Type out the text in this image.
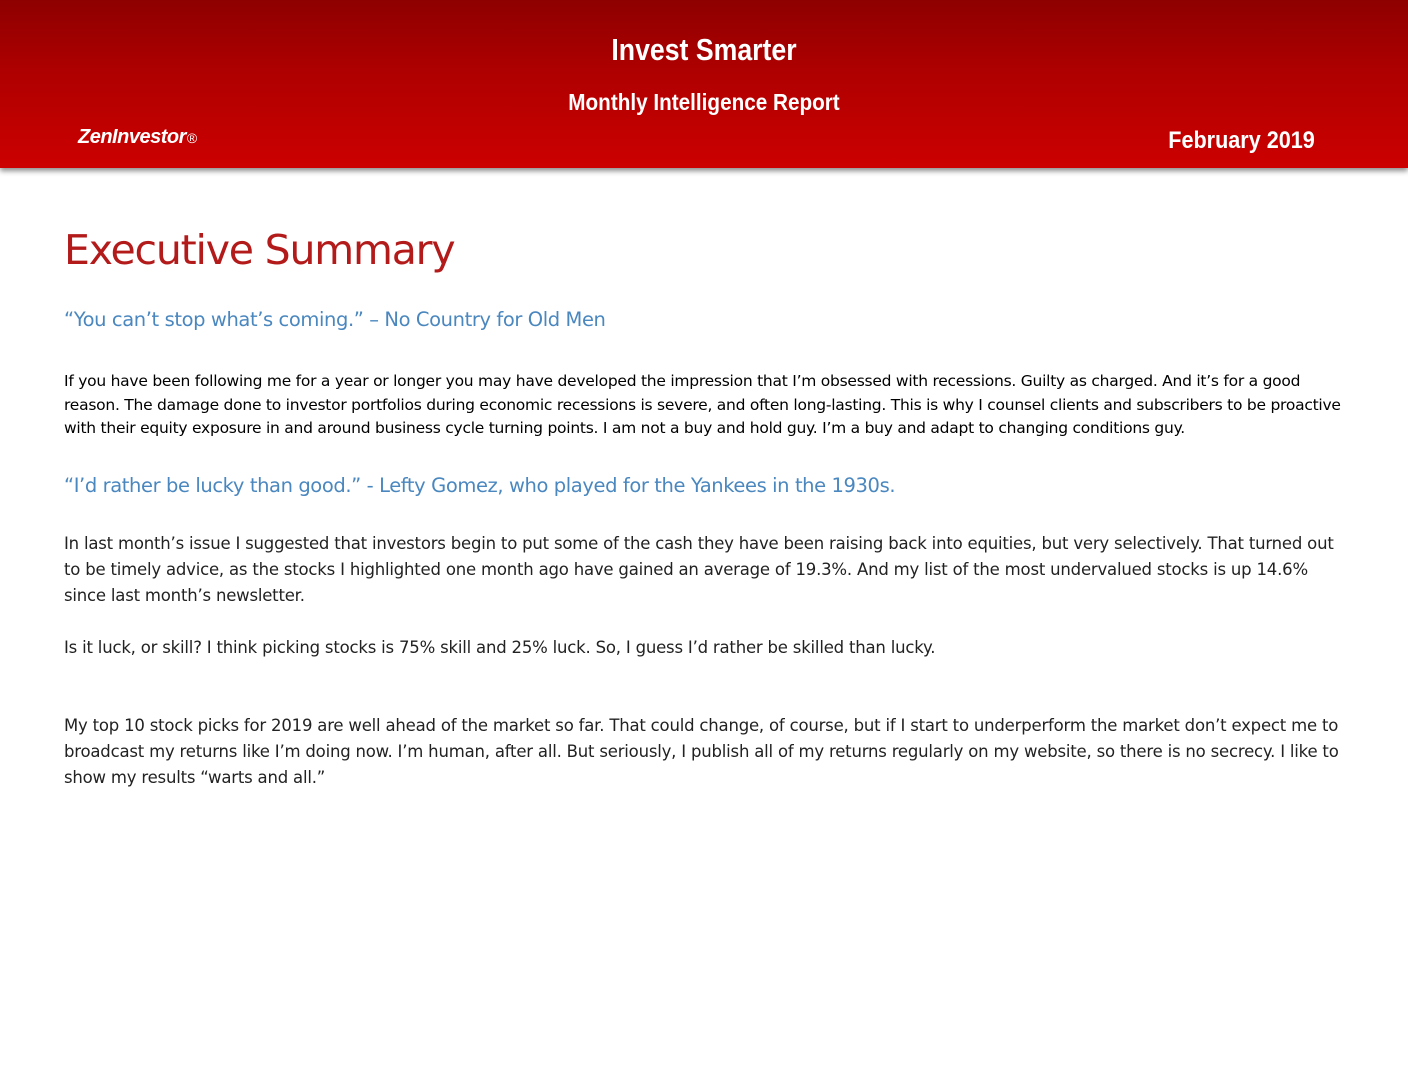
Invest Smarter
Monthly Intelligence Report
ZenInvestor®	February 2019
Executive Summary
“You can’t stop what’s coming.” – No Country for Old Men
If you have been following me for a year or longer you may have developed the impression that I’m obsessed with recessions. Guilty as charged. And it’s for a good reason. The damage done to investor portfolios during economic recessions is severe, and often long-lasting. This is why I counsel clients and subscribers to be proactive with their equity exposure in and around business cycle turning points. I am not a buy and hold guy. I’m a buy and adapt to changing conditions guy.
“I’d rather be lucky than good.” - Lefty Gomez, who played for the Yankees in the 1930s.
In last month’s issue I suggested that investors begin to put some of the cash they have been raising back into equities, but very selectively. That turned out to be timely advice, as the stocks I highlighted one month ago have gained an average of 19.3%. And my list of the most undervalued stocks is up 14.6% since last month’s newsletter.
Is it luck, or skill? I think picking stocks is 75% skill and 25% luck. So, I guess I’d rather be skilled than lucky.
My top 10 stock picks for 2019 are well ahead of the market so far. That could change, of course, but if I start to underperform the market don’t expect me to broadcast my returns like I’m doing now. I’m human, after all. But seriously, I publish all of my returns regularly on my website, so there is no secrecy. I like to show my results “warts and all.”
